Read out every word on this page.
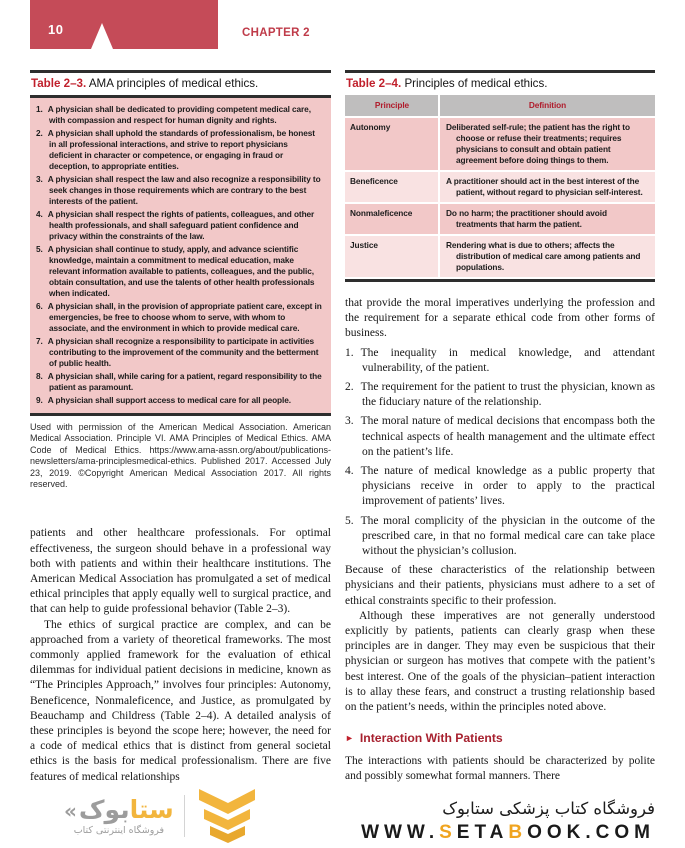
10	CHAPTER 2
Table 2–3. AMA principles of medical ethics.
A physician shall be dedicated to providing competent medical care, with compassion and respect for human dignity and rights.
A physician shall uphold the standards of professionalism, be honest in all professional interactions, and strive to report physicians deficient in character or competence, or engaging in fraud or deception, to appropriate entities.
A physician shall respect the law and also recognize a responsibility to seek changes in those requirements which are contrary to the best interests of the patient.
A physician shall respect the rights of patients, colleagues, and other health professionals, and shall safeguard patient confidence and privacy within the constraints of the law.
A physician shall continue to study, apply, and advance scientific knowledge, maintain a commitment to medical education, make relevant information available to patients, colleagues, and the public, obtain consultation, and use the talents of other health professionals when indicated.
A physician shall, in the provision of appropriate patient care, except in emergencies, be free to choose whom to serve, with whom to associate, and the environment in which to provide medical care.
A physician shall recognize a responsibility to participate in activities contributing to the improvement of the community and the betterment of public health.
A physician shall, while caring for a patient, regard responsibility to the patient as paramount.
A physician shall support access to medical care for all people.

Used with permission of the American Medical Association. American Medical Association. Principle VI. AMA Principles of Medical Ethics. AMA Code of Medical Ethics. https://www.ama-assn.org/about/publications-newsletters/ama-principlesmedical-ethics. Published 2017. Accessed July 23, 2019. ©Copyright American Medical Association 2017. All rights reserved.

patients and other healthcare professionals. For optimal effectiveness, the surgeon should behave in a professional way both with patients and within their healthcare institutions. The American Medical Association has promulgated a set of medical ethical principles that apply equally well to surgical practice, and that can help to guide professional behavior (Table 2–3).

The ethics of surgical practice are complex, and can be approached from a variety of theoretical frameworks. The most commonly applied framework for the evaluation of ethical dilemmas for individual patient decisions in medicine, known as “The Principles Approach,” involves four principles: Autonomy, Beneficence, Nonmaleficence, and Justice, as promulgated by Beauchamp and Childress (Table 2–4). A detailed analysis of these principles is beyond the scope here; however, the need for a code of medical ethics that is distinct from general societal ethics is the basis for medical professionalism. There are five features of medical relationships

Table 2–4. Principles of medical ethics.
Principle	Definition
Autonomy	Deliberated self-rule; the patient has the right to choose or refuse their treatments; requires physicians to consult and obtain patient agreement before doing things to them.
Beneficence	A practitioner should act in the best interest of the patient, without regard to physician self-interest.
Nonmaleficence	Do no harm; the practitioner should avoid treatments that harm the patient.
Justice	Rendering what is due to others; affects the distribution of medical care among patients and populations.

that provide the moral imperatives underlying the profession and the requirement for a separate ethical code from other forms of business.

The inequality in medical knowledge, and attendant vulnerability, of the patient.
The requirement for the patient to trust the physician, known as the fiduciary nature of the relationship.
The moral nature of medical decisions that encompass both the technical aspects of health management and the ultimate effect on the patient’s life.
The nature of medical knowledge as a public property that physicians receive in order to apply to the practical improvement of patients’ lives.
The moral complicity of the physician in the outcome of the prescribed care, in that no formal medical care can take place without the physician’s collusion.

Because of these characteristics of the relationship between physicians and their patients, physicians must adhere to a set of ethical constraints specific to their profession.

Although these imperatives are not generally understood explicitly by patients, patients can clearly grasp when these principles are in danger. They may even be suspicious that their physician or surgeon has motives that compete with the patient’s best interest. One of the goals of the physician–patient interaction is to allay these fears, and construct a trusting relationship based on the patient’s needs, within the principles noted above.

► Interaction With Patients

The interactions with patients should be characterized by polite and possibly somewhat formal manners. There

« بوک ستا
فروشگاه اینترنتی کتاب
فروشگاه کتاب پزشکی ستابوک
WWW.SETABOOK.COM
